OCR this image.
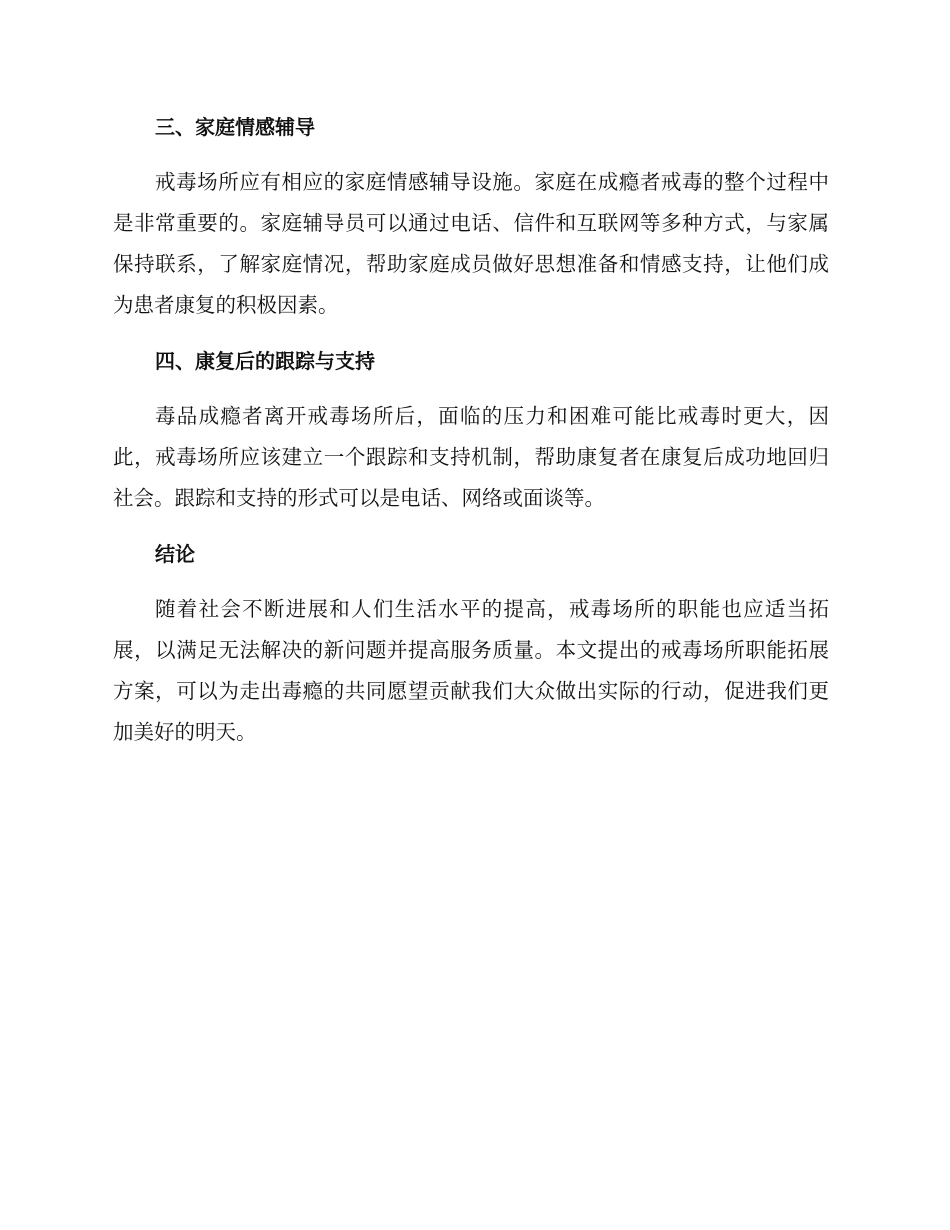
三、家庭情感辅导

戒毒场所应有相应的家庭情感辅导设施。家庭在成瘾者戒毒的整个过程中是非常重要的。家庭辅导员可以通过电话、信件和互联网等多种方式，与家属保持联系，了解家庭情况，帮助家庭成员做好思想准备和情感支持，让他们成为患者康复的积极因素。

四、康复后的跟踪与支持

毒品成瘾者离开戒毒场所后，面临的压力和困难可能比戒毒时更大，因此，戒毒场所应该建立一个跟踪和支持机制，帮助康复者在康复后成功地回归社会。跟踪和支持的形式可以是电话、网络或面谈等。

结论

随着社会不断进展和人们生活水平的提高，戒毒场所的职能也应适当拓展，以满足无法解决的新问题并提高服务质量。本文提出的戒毒场所职能拓展方案，可以为走出毒瘾的共同愿望贡献我们大众做出实际的行动，促进我们更加美好的明天。
